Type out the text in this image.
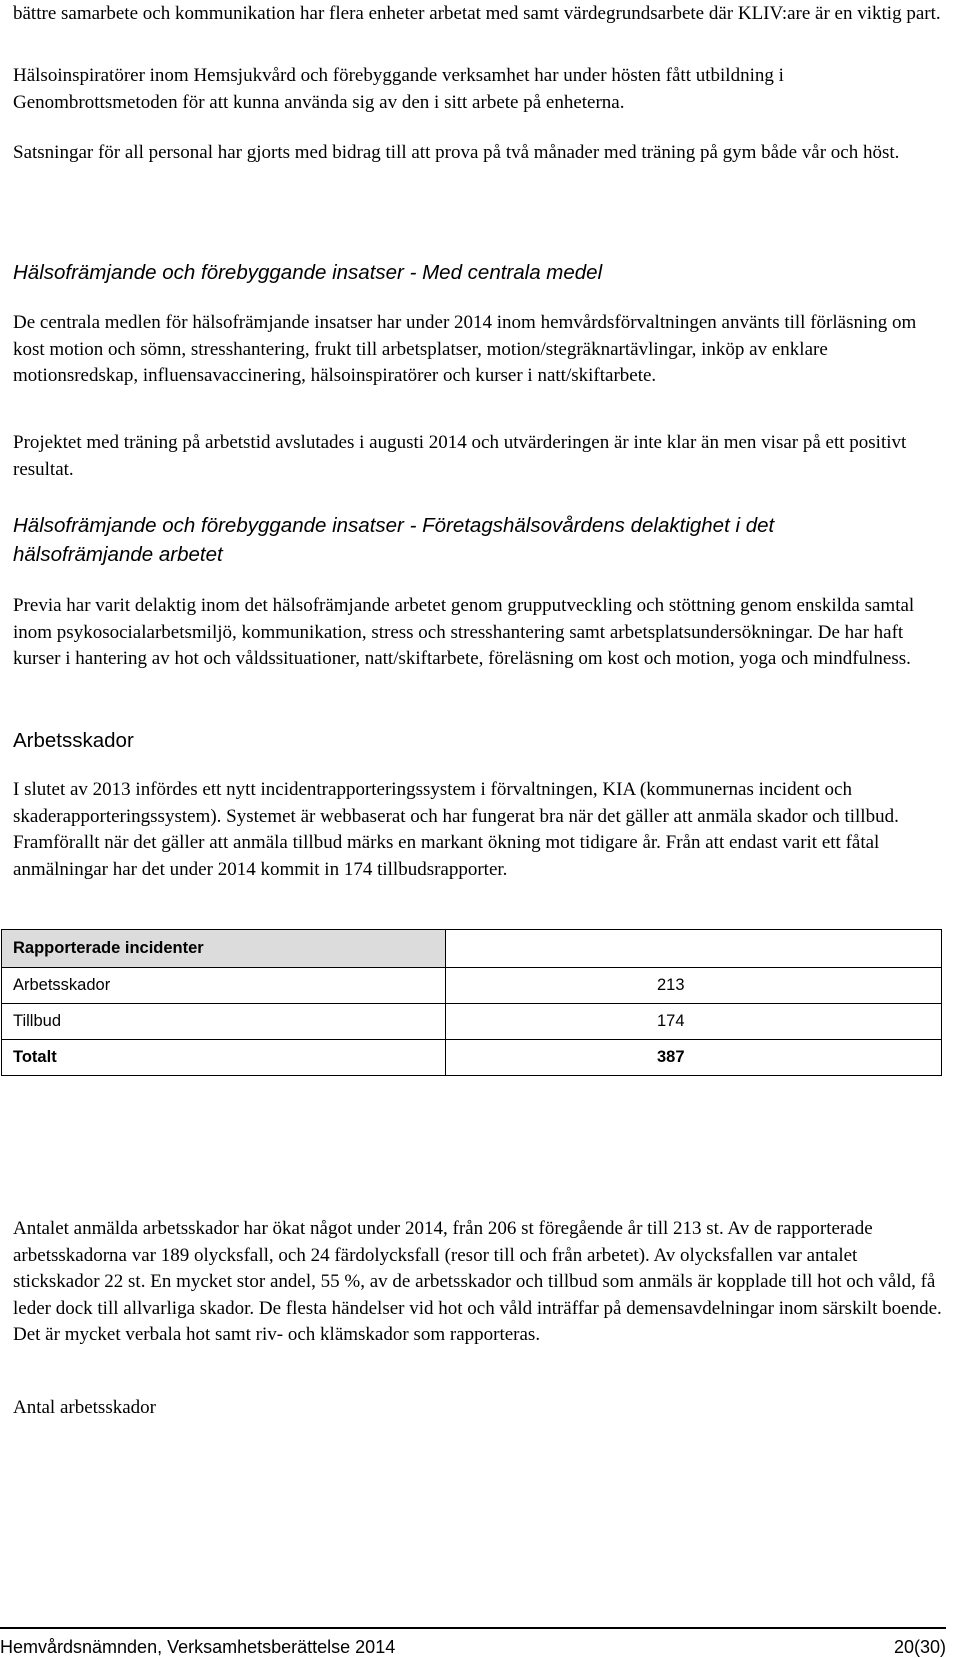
bättre samarbete och kommunikation har flera enheter arbetat med samt värdegrundsarbete där KLIV:are är en viktig part.

Hälsoinspiratörer inom Hemsjukvård och förebyggande verksamhet har under hösten fått utbildning i Genombrottsmetoden för att kunna använda sig av den i sitt arbete på enheterna.

Satsningar för all personal har gjorts med bidrag till att prova på två månader med träning på gym både vår och höst.

Hälsofrämjande och förebyggande insatser - Med centrala medel

De centrala medlen för hälsofrämjande insatser har under 2014 inom hemvårdsförvaltningen använts till förläsning om kost motion och sömn, stresshantering, frukt till arbetsplatser, motion/stegräknartävlingar, inköp av enklare motionsredskap, influensavaccinering, hälsoinspiratörer och kurser i natt/skiftarbete.

Projektet med träning på arbetstid avslutades i augusti 2014 och utvärderingen är inte klar än men visar på ett positivt resultat.

Hälsofrämjande och förebyggande insatser - Företagshälsovårdens delaktighet i det
hälsofrämjande arbetet

Previa har varit delaktig inom det hälsofrämjande arbetet genom grupputveckling och stöttning genom enskilda samtal inom psykosocialarbetsmiljö, kommunikation, stress och stresshantering samt arbetsplatsundersökningar. De har haft kurser i hantering av hot och våldssituationer, natt/skiftarbete, föreläsning om kost och motion, yoga och mindfulness.

Arbetsskador

I slutet av 2013 infördes ett nytt incidentrapporteringssystem i förvaltningen, KIA (kommunernas incident och skaderapporteringssystem). Systemet är webbaserat och har fungerat bra när det gäller att anmäla skador och tillbud. Framförallt när det gäller att anmäla tillbud märks en markant ökning mot tidigare år. Från att endast varit ett fåtal anmälningar har det under 2014 kommit in 174 tillbudsrapporter.

Rapporterade incidenter	
Arbetsskador	213
Tillbud	174
Totalt	387

Antalet anmälda arbetsskador har ökat något under 2014, från 206 st föregående år till 213 st. Av de rapporterade arbetsskadorna var 189 olycksfall, och 24 färdolycksfall (resor till och från arbetet). Av olycksfallen var antalet stickskador 22 st. En mycket stor andel, 55 %, av de arbetsskador och tillbud som anmäls är kopplade till hot och våld, få leder dock till allvarliga skador. De flesta händelser vid hot och våld inträffar på demensavdelningar inom särskilt boende. Det är mycket verbala hot samt riv- och klämskador som rapporteras.

Antal arbetsskador

Hemvårdsnämnden, Verksamhetsberättelse 2014	20(30)
